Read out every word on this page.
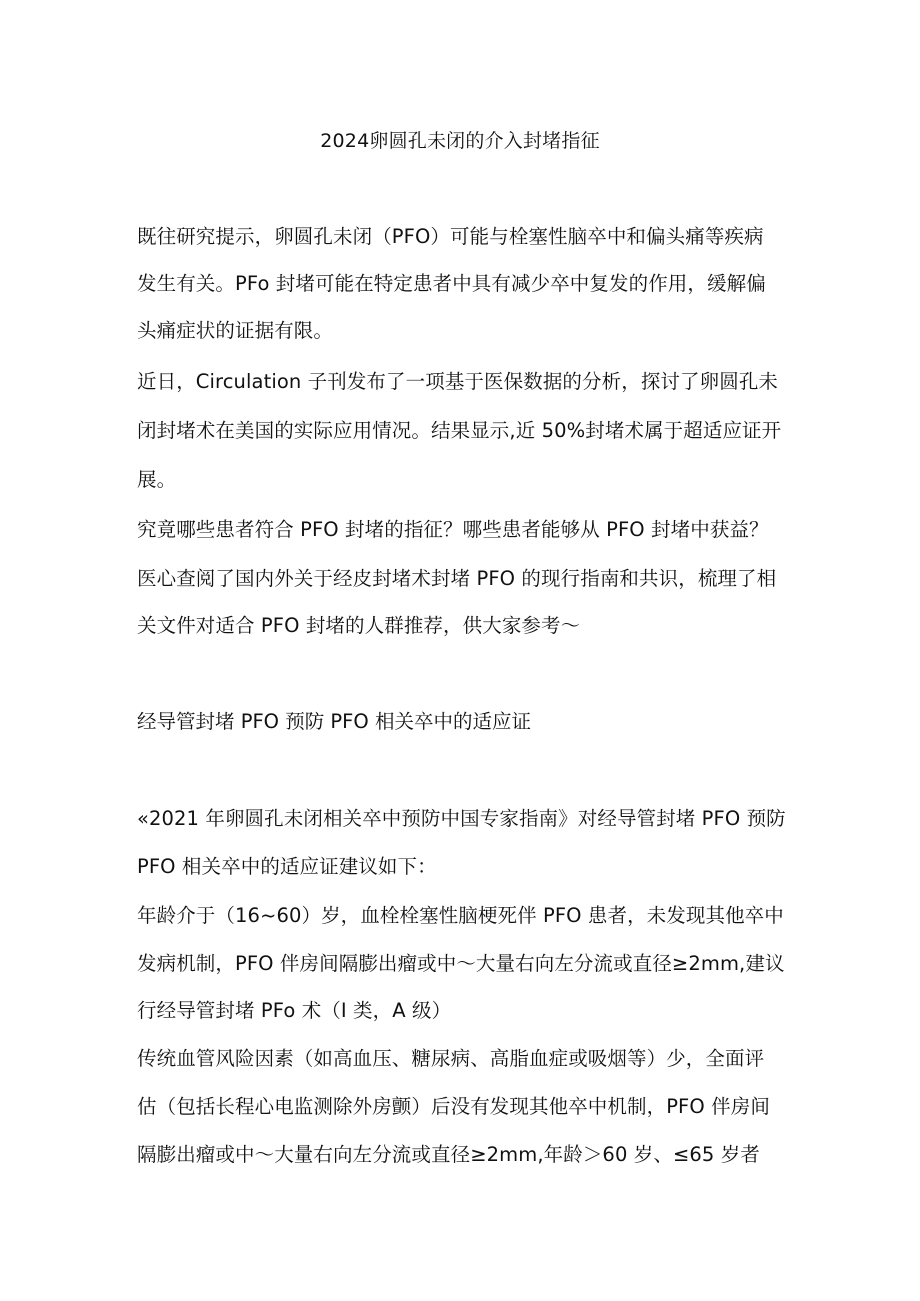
2024卵圆孔未闭的介入封堵指征
既往研究提示，卵圆孔未闭（PFO）可能与栓塞性脑卒中和偏头痛等疾病
发生有关。PFo 封堵可能在特定患者中具有减少卒中复发的作用，缓解偏
头痛症状的证据有限。
近日，Circulation 子刊发布了一项基于医保数据的分析，探讨了卵圆孔未
闭封堵术在美国的实际应用情况。结果显示,近 50%封堵术属于超适应证开
展。
究竟哪些患者符合 PFO 封堵的指征？哪些患者能够从 PFO 封堵中获益？
医心查阅了国内外关于经皮封堵术封堵 PFO 的现行指南和共识，梳理了相
关文件对适合 PFO 封堵的人群推荐，供大家参考〜
经导管封堵 PFO 预防 PFO 相关卒中的适应证
«2021 年卵圆孔未闭相关卒中预防中国专家指南》对经导管封堵 PFO 预防
PFO 相关卒中的适应证建议如下：
年龄介于（16~60）岁，血栓栓塞性脑梗死伴 PFO 患者，未发现其他卒中
发病机制，PFO 伴房间隔膨出瘤或中〜大量右向左分流或直径≥2mm,建议
行经导管封堵 PFo 术（I 类，A 级）
传统血管风险因素（如高血压、糖尿病、高脂血症或吸烟等）少，全面评
估（包括长程心电监测除外房颤）后没有发现其他卒中机制，PFO 伴房间
隔膨出瘤或中〜大量右向左分流或直径≥2mm,年龄＞60 岁、≤65 岁者
